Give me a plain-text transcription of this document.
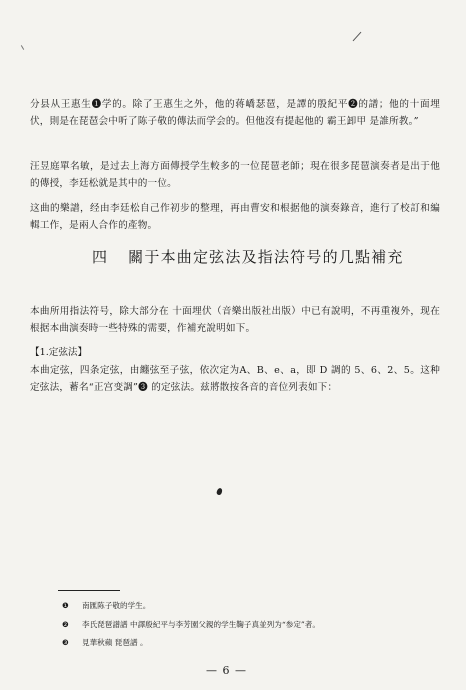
分县从王惠生❶学的。除了王惠生之外，他的蒋嶠瑟琶，是譚的殷紀平❷的譜；他的十面埋伏，則是在琵琶会中听了陈子敬的傳法而学会的。但他沒有提起他的 霸王卸甲 是誰所教。”
汪昱庭單名敏，是过去上海方面傳授学生較多的一位琵琶老師；現在很多琵琶演奏者是出于他的傳授，李廷松就是其中的一位。
这曲的樂譜，经由李廷松自己作初步的整理，再由曹安和根据他的演奏錄音，進行了校訂和編輯工作，是兩人合作的產物。
四 關于本曲定弦法及指法符号的几點補充
本曲所用指法符号，除大部分在 十面埋伏（音樂出版社出版）中已有說明，不再重複外，现在根据本曲演奏時一些特殊的需要，作補充說明如下。
【1.定弦法】
本曲定弦，四条定弦，由纏弦至子弦，依次定为A、B、e、a，即 D 調的 5、6、2、5。这种定弦法，蓄名“正宫变調”❸ 的定弦法。兹將散按各音的音位列表如下：
❶ 南匯陈子敬的学生。
❷ 李氏琵琶譜譜 中譯殷紀平与李芳園父親的学生鞠子真並列为“参定”者。
❸ 見華秋蘋 琵琶譜 。
— 6 —
